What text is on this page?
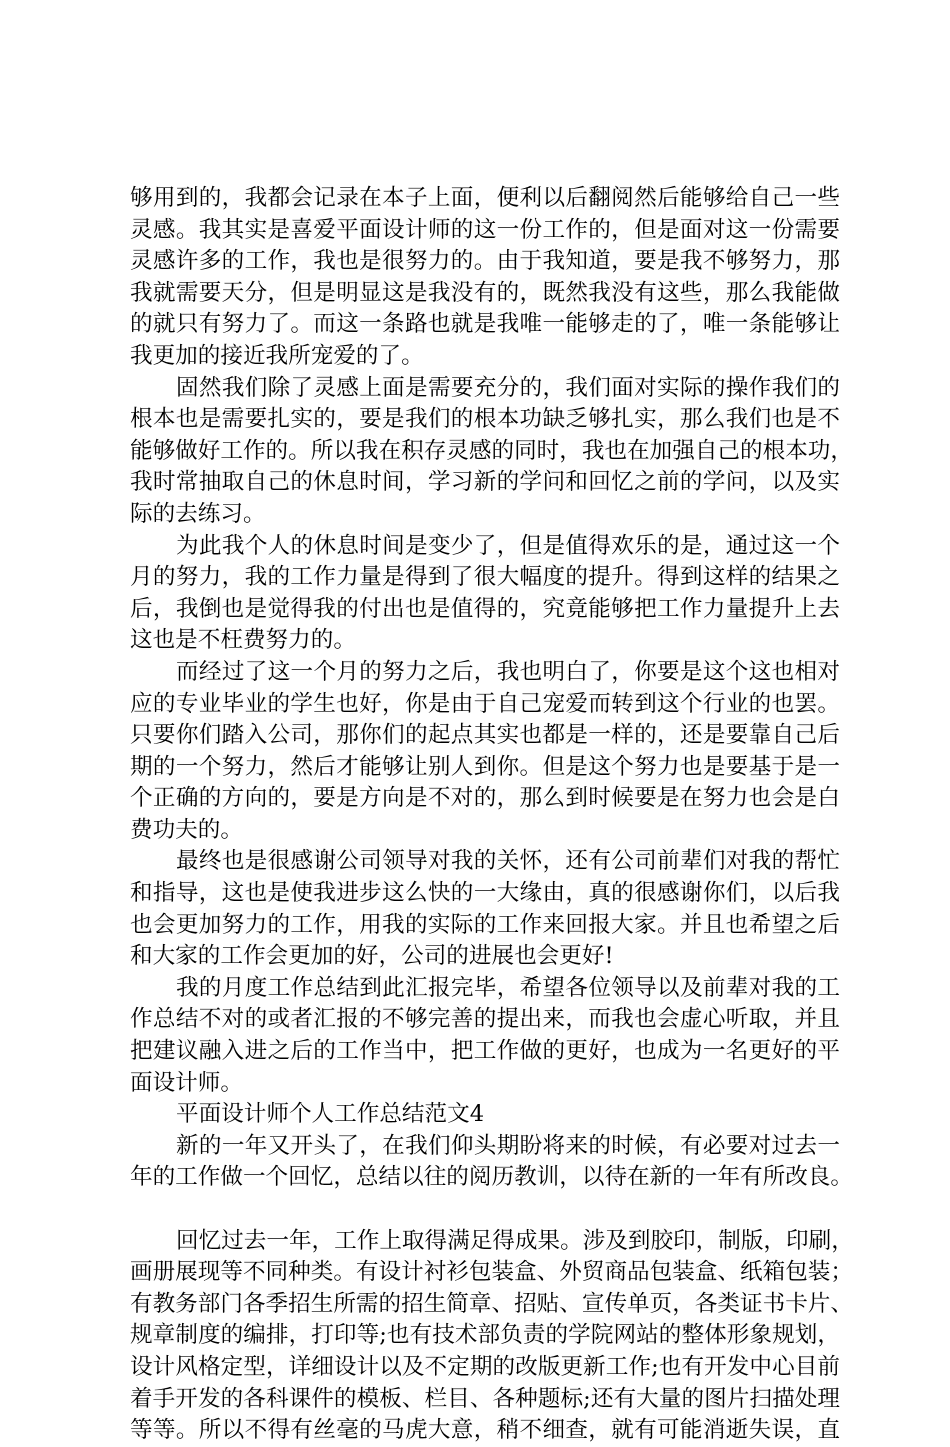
够用到的，我都会记录在本子上面，便利以后翻阅然后能够给自己一些
灵感。我其实是喜爱平面设计师的这一份工作的，但是面对这一份需要
灵感许多的工作，我也是很努力的。由于我知道，要是我不够努力，那
我就需要天分，但是明显这是我没有的，既然我没有这些，那么我能做
的就只有努力了。而这一条路也就是我唯一能够走的了，唯一条能够让
我更加的接近我所宠爱的了。
固然我们除了灵感上面是需要充分的，我们面对实际的操作我们的
根本也是需要扎实的，要是我们的根本功缺乏够扎实，那么我们也是不
能够做好工作的。所以我在积存灵感的同时，我也在加强自己的根本功，
我时常抽取自己的休息时间，学习新的学问和回忆之前的学问，以及实
际的去练习。
为此我个人的休息时间是变少了，但是值得欢乐的是，通过这一个
月的努力，我的工作力量是得到了很大幅度的提升。得到这样的结果之
后，我倒也是觉得我的付出也是值得的，究竟能够把工作力量提升上去
这也是不枉费努力的。
而经过了这一个月的努力之后，我也明白了，你要是这个这也相对
应的专业毕业的学生也好，你是由于自己宠爱而转到这个行业的也罢。
只要你们踏入公司，那你们的起点其实也都是一样的，还是要靠自己后
期的一个努力，然后才能够让别人到你。但是这个努力也是要基于是一
个正确的方向的，要是方向是不对的，那么到时候要是在努力也会是白
费功夫的。
最终也是很感谢公司领导对我的关怀，还有公司前辈们对我的帮忙
和指导，这也是使我进步这么快的一大缘由，真的很感谢你们，以后我
也会更加努力的工作，用我的实际的工作来回报大家。并且也希望之后
和大家的工作会更加的好，公司的进展也会更好!
我的月度工作总结到此汇报完毕，希望各位领导以及前辈对我的工
作总结不对的或者汇报的不够完善的提出来，而我也会虚心听取，并且
把建议融入进之后的工作当中，把工作做的更好，也成为一名更好的平
面设计师。
平面设计师个人工作总结范文4
新的一年又开头了，在我们仰头期盼将来的时候，有必要对过去一
年的工作做一个回忆，总结以往的阅历教训，以待在新的一年有所改良。
回忆过去一年，工作上取得满足得成果。涉及到胶印，制版，印刷，
画册展现等不同种类。有设计衬衫包装盒、外贸商品包装盒、纸箱包装；
有教务部门各季招生所需的招生简章、招贴、宣传单页，各类证书卡片、
规章制度的编排，打印等;也有技术部负责的学院网站的整体形象规划，
设计风格定型，详细设计以及不定期的改版更新工作;也有开发中心目前
着手开发的各科课件的模板、栏目、各种题标;还有大量的图片扫描处理
等等。所以不得有丝毫的马虎大意，稍不细查，就有可能消逝失误，直
